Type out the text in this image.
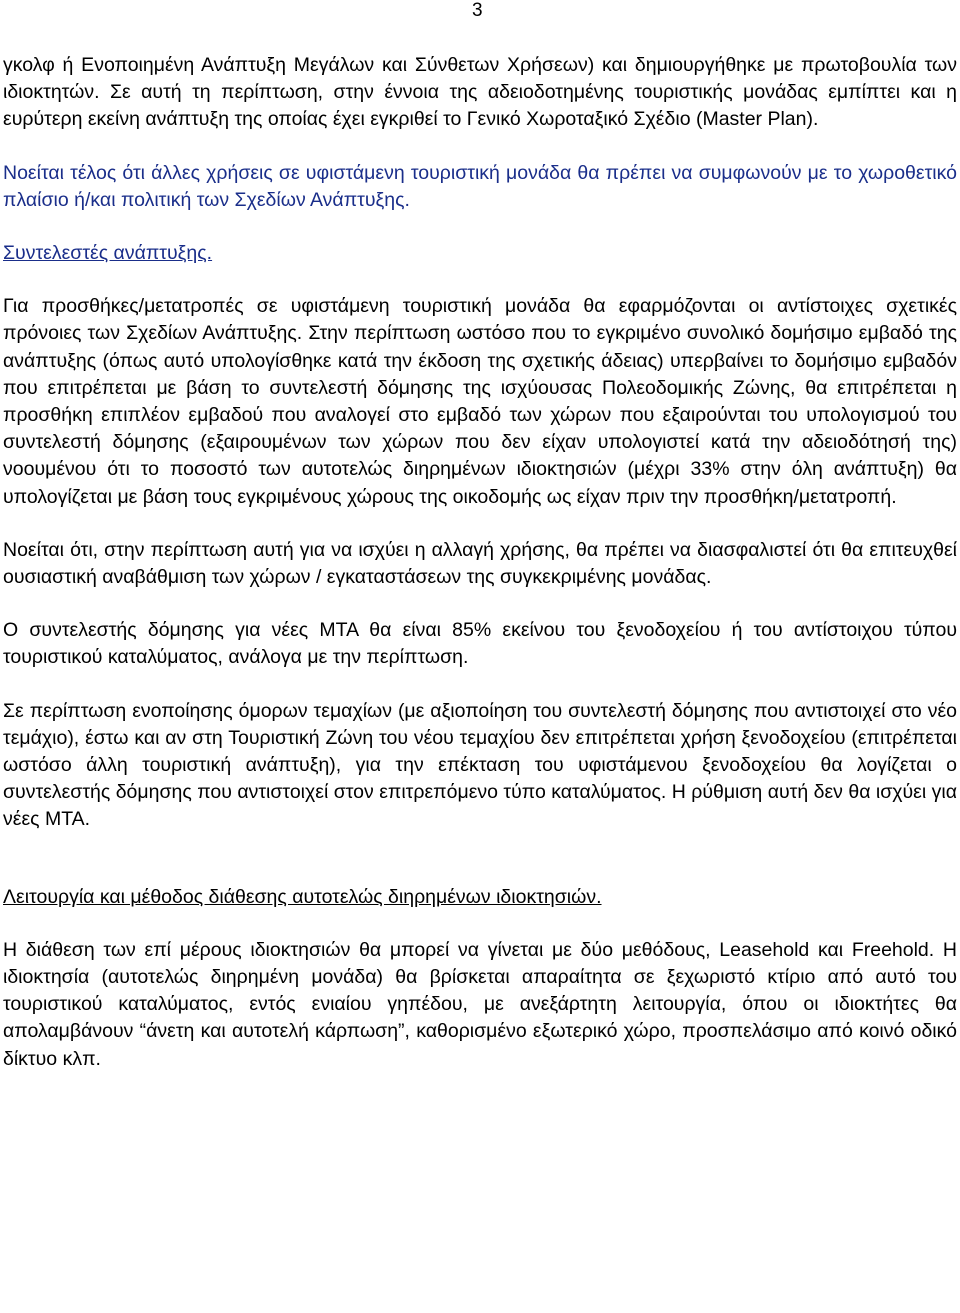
3

γκολφ ή Ενοποιημένη Ανάπτυξη Μεγάλων και Σύνθετων Χρήσεων) και δημιουργήθηκε με πρωτοβουλία των ιδιοκτητών. Σε αυτή τη περίπτωση, στην έννοια της αδειοδοτημένης τουριστικής μονάδας εμπίπτει και η ευρύτερη εκείνη ανάπτυξη της οποίας έχει εγκριθεί το Γενικό Χωροταξικό Σχέδιο (Master Plan).

Νοείται τέλος ότι άλλες χρήσεις σε υφιστάμενη τουριστική μονάδα θα πρέπει να συμφωνούν με το χωροθετικό πλαίσιο ή/και πολιτική των Σχεδίων Ανάπτυξης.

Συντελεστές ανάπτυξης.

Για προσθήκες/μετατροπές σε υφιστάμενη τουριστική μονάδα θα εφαρμόζονται οι αντίστοιχες σχετικές πρόνοιες των Σχεδίων Ανάπτυξης. Στην περίπτωση ωστόσο που το εγκριμένο συνολικό δομήσιμο εμβαδό της ανάπτυξης (όπως αυτό υπολογίσθηκε κατά την έκδοση της σχετικής άδειας) υπερβαίνει το δομήσιμο εμβαδόν που επιτρέπεται με βάση το συντελεστή δόμησης της ισχύουσας Πολεοδομικής Ζώνης, θα επιτρέπεται η προσθήκη επιπλέον εμβαδού που αναλογεί στο εμβαδό των χώρων που εξαιρούνται του υπολογισμού του συντελεστή δόμησης (εξαιρουμένων των χώρων που δεν είχαν υπολογιστεί κατά την αδειοδότησή της) νοουμένου ότι το ποσοστό των αυτοτελώς διηρημένων ιδιοκτησιών (μέχρι 33% στην όλη ανάπτυξη) θα υπολογίζεται με βάση τους εγκριμένους χώρους της οικοδομής ως είχαν πριν την προσθήκη/μετατροπή.

Νοείται ότι, στην περίπτωση αυτή για να ισχύει η αλλαγή χρήσης, θα πρέπει να διασφαλιστεί ότι θα επιτευχθεί ουσιαστική αναβάθμιση των χώρων / εγκαταστάσεων της συγκεκριμένης μονάδας.

Ο συντελεστής δόμησης για νέες ΜΤΑ θα είναι 85% εκείνου του ξενοδοχείου ή του αντίστοιχου τύπου τουριστικού καταλύματος, ανάλογα με την περίπτωση.

Σε περίπτωση ενοποίησης όμορων τεμαχίων (με αξιοποίηση του συντελεστή δόμησης που αντιστοιχεί στο νέο τεμάχιο), έστω και αν στη Τουριστική Ζώνη του νέου τεμαχίου δεν επιτρέπεται χρήση ξενοδοχείου (επιτρέπεται ωστόσο άλλη τουριστική ανάπτυξη), για την επέκταση του υφιστάμενου ξενοδοχείου θα λογίζεται ο συντελεστής δόμησης που αντιστοιχεί στον επιτρεπόμενο τύπο καταλύματος. Η ρύθμιση αυτή δεν θα ισχύει για νέες ΜΤΑ.

Λειτουργία και μέθοδος διάθεσης αυτοτελώς διηρημένων ιδιοκτησιών.

Η διάθεση των επί μέρους ιδιοκτησιών θα μπορεί να γίνεται με δύο μεθόδους, Leasehold και Freehold. Η ιδιοκτησία (αυτοτελώς διηρημένη μονάδα) θα βρίσκεται απαραίτητα σε ξεχωριστό κτίριο από αυτό του τουριστικού καταλύματος, εντός ενιαίου γηπέδου, με ανεξάρτητη λειτουργία, όπου οι ιδιοκτήτες θα απολαμβάνουν “άνετη και αυτοτελή κάρπωση”, καθορισμένο εξωτερικό χώρο, προσπελάσιμο από κοινό οδικό δίκτυο κλπ.
